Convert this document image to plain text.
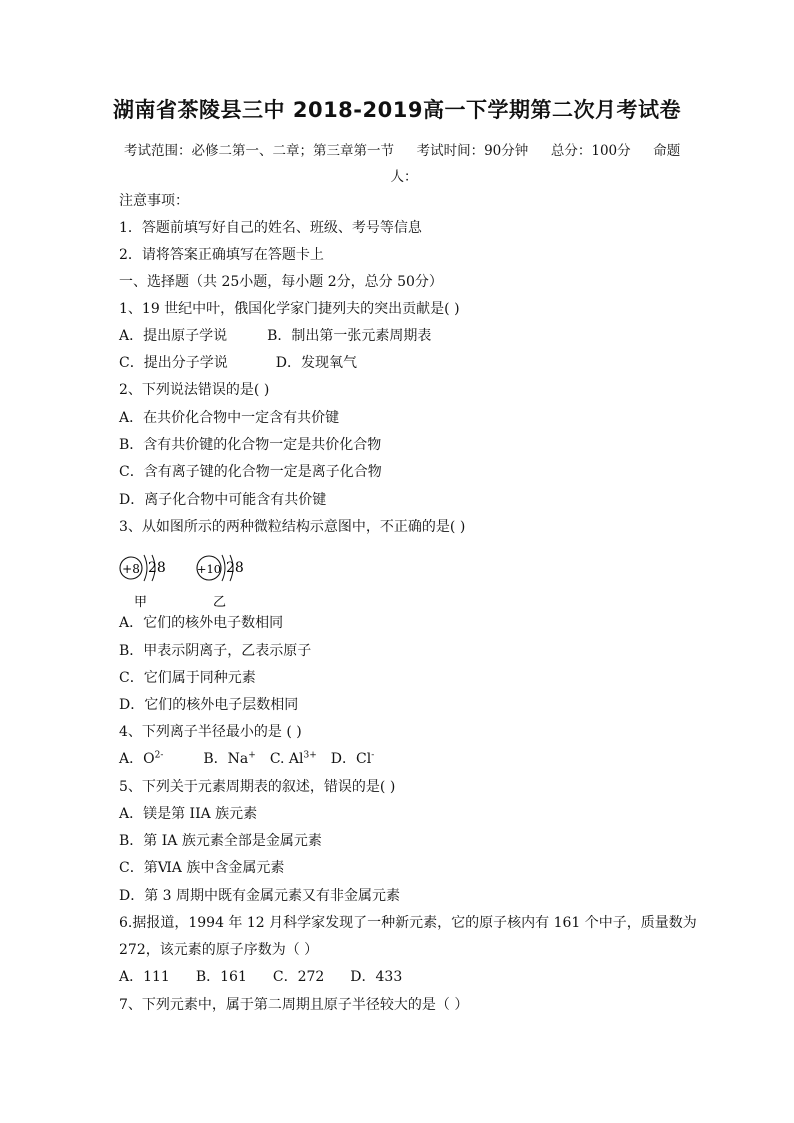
湖南省茶陵县三中 2018-2019高一下学期第二次月考试卷
考试范围：必修二第一、二章；第三章第一节 考试时间：90分钟 总分：100分 命题
人：
注意事项：
1．答题前填写好自己的姓名、班级、考号等信息
2．请将答案正确填写在答题卡上
一、选择题（共 25小题，每小题 2分，总分 50分）
1、19 世纪中叶，俄国化学家门捷列夫的突出贡献是( )
A．提出原子学说	B．制出第一张元素周期表
C．提出分子学说	D．发现氧气
2、下列说法错误的是( )
A．在共价化合物中一定含有共价键
B．含有共价键的化合物一定是共价化合物
C．含有离子键的化合物一定是离子化合物
D．离子化合物中可能含有共价键
3、从如图所示的两种微粒结构示意图中，不正确的是( )
+8 28
甲
+10 28
乙
A．它们的核外电子数相同
B．甲表示阴离子，乙表示原子
C．它们属于同种元素
D．它们的核外电子层数相同
4、下列离子半径最小的是 ( )
A．$O^{2-}$	B．Na+ C. $Al^{3+}$ D．Cl-
5、下列关于元素周期表的叙述，错误的是( )
A．镁是第 IIA 族元素
B．第 IA 族元素全部是金属元素
C．第ⅥA 族中含金属元素
D．第 3 周期中既有金属元素又有非金属元素
6.据报道，1994 年 12 月科学家发现了一种新元素，它的原子核内有 161 个中子，质量数为
272，该元素的原子序数为（ ）
A．111 B．161 C．272 D．433
7、下列元素中，属于第二周期且原子半径较大的是（ ）
